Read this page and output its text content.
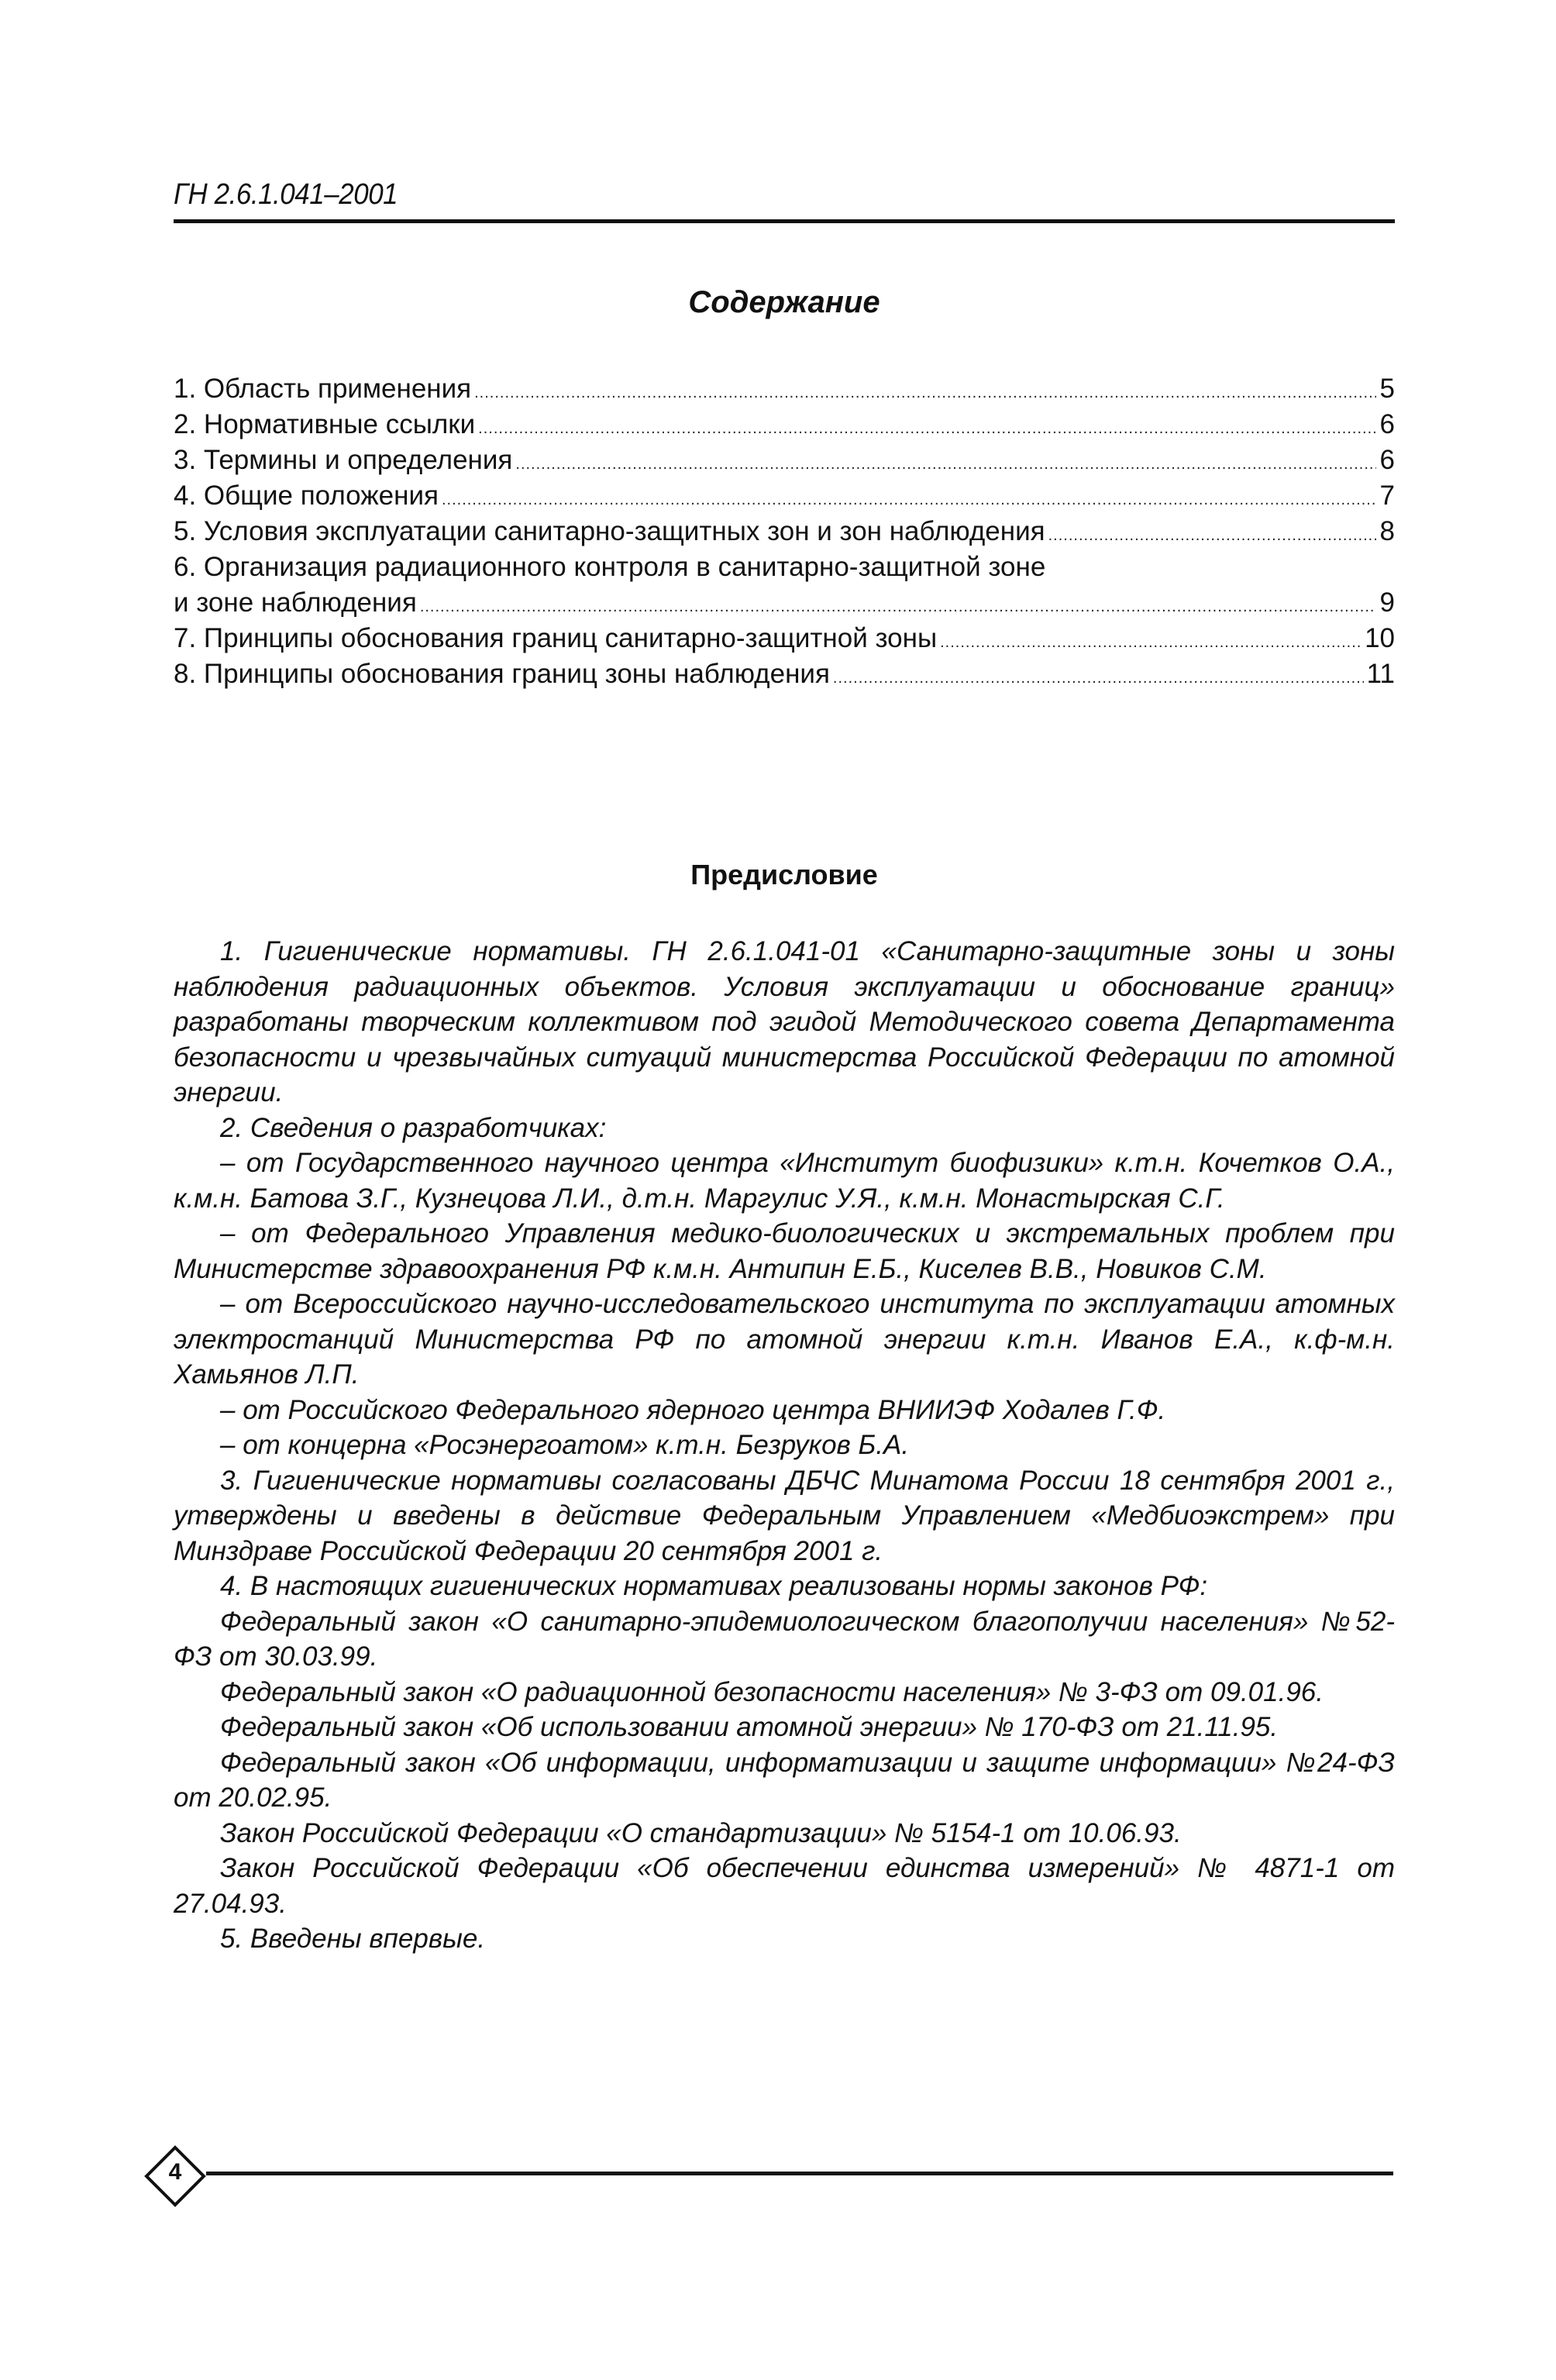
ГН 2.6.1.041–2001
Содержание
1. Область применения .....	5
2. Нормативные ссылки .....	6
3. Термины и определения .....	6
4. Общие положения .....	7
5. Условия эксплуатации санитарно-защитных зон и зон наблюдения .....	8
6. Организация радиационного контроля в санитарно-защитной зоне
и зоне наблюдения .....	9
7. Принципы обоснования границ санитарно-защитной зоны .....	10
8. Принципы обоснования границ зоны наблюдения .....	11
Предисловие

1. Гигиенические нормативы. ГН 2.6.1.041-01 «Санитарно-защитные зоны и зоны наблюдения радиационных объектов. Условия эксплуатации и обоснование границ» разработаны творческим коллективом под эгидой Методического совета Департамента безопасности и чрезвычайных ситуаций министерства Российской Федерации по атомной энергии.

2. Сведения о разработчиках:

– от Государственного научного центра «Институт биофизики» к.т.н. Кочетков О.А., к.м.н. Батова З.Г., Кузнецова Л.И., д.т.н. Маргулис У.Я., к.м.н. Монастырская С.Г.

– от Федерального Управления медико-биологических и экстремальных проблем при Министерстве здравоохранения РФ к.м.н. Антипин Е.Б., Киселев В.В., Новиков С.М.

– от Всероссийского научно-исследовательского института по эксплуатации атомных электростанций Министерства РФ по атомной энергии к.т.н. Иванов Е.А., к.ф-м.н. Хамьянов Л.П.

– от Российского Федерального ядерного центра ВНИИЭФ Ходалев Г.Ф.

– от концерна «Росэнергоатом» к.т.н. Безруков Б.А.

3. Гигиенические нормативы согласованы ДБЧС Минатома России 18 сентября 2001 г., утверждены и введены в действие Федеральным Управлением «Медбиоэкстрем» при Минздраве Российской Федерации 20 сентября 2001 г.

4. В настоящих гигиенических нормативах реализованы нормы законов РФ:

Федеральный закон «О санитарно-эпидемиологическом благополучии населения» №52-ФЗ от 30.03.99.

Федеральный закон «О радиационной безопасности населения» № 3-ФЗ от 09.01.96.

Федеральный закон «Об использовании атомной энергии» № 170-ФЗ от 21.11.95.

Федеральный закон «Об информации, информатизации и защите информации» №24-ФЗ от 20.02.95.

Закон Российской Федерации «О стандартизации» № 5154-1 от 10.06.93.

Закон Российской Федерации «Об обеспечении единства измерений» № 4871-1 от 27.04.93.

5. Введены впервые.

4
